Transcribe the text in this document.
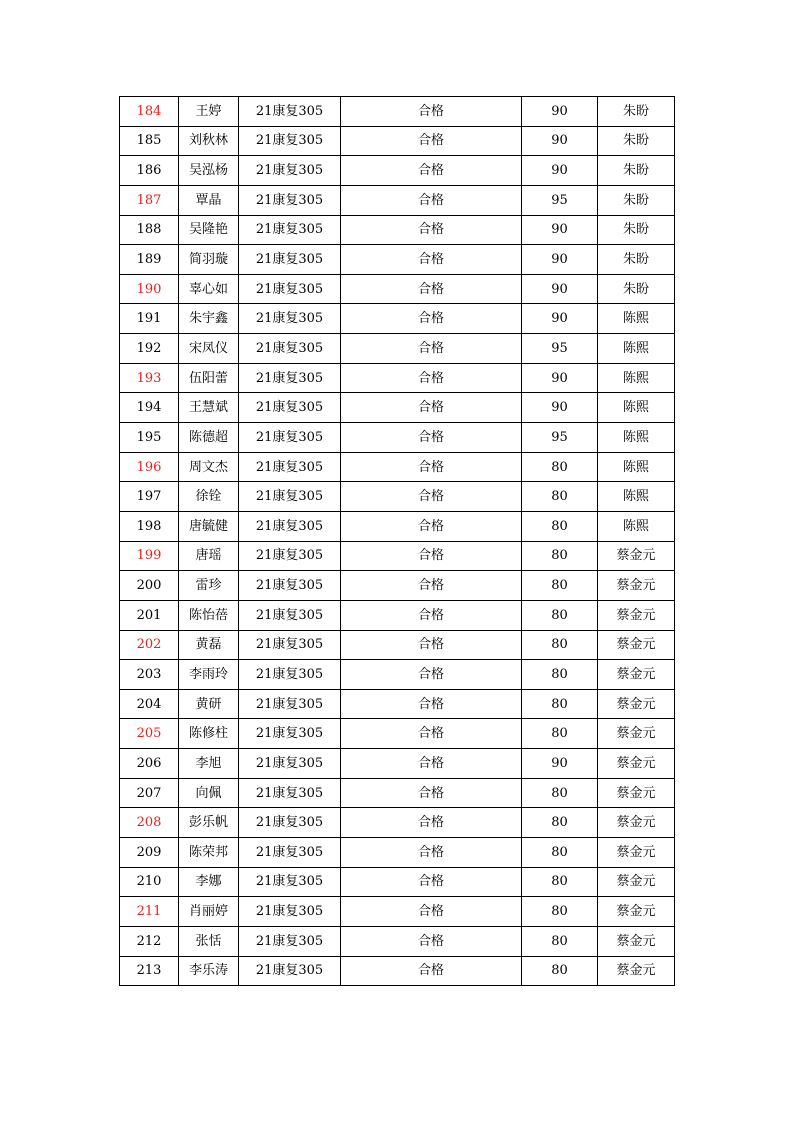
184	王婷	21康复305	合格	90	朱盼
185	刘秋林	21康复305	合格	90	朱盼
186	吴泓杨	21康复305	合格	90	朱盼
187	覃晶	21康复305	合格	95	朱盼
188	吴隆艳	21康复305	合格	90	朱盼
189	简羽璇	21康复305	合格	90	朱盼
190	辜心如	21康复305	合格	90	朱盼
191	朱宇鑫	21康复305	合格	90	陈熙
192	宋凤仪	21康复305	合格	95	陈熙
193	伍阳蕾	21康复305	合格	90	陈熙
194	王慧斌	21康复305	合格	90	陈熙
195	陈德超	21康复305	合格	95	陈熙
196	周文杰	21康复305	合格	80	陈熙
197	徐铨	21康复305	合格	80	陈熙
198	唐毓健	21康复305	合格	80	陈熙
199	唐瑶	21康复305	合格	80	蔡金元
200	雷珍	21康复305	合格	80	蔡金元
201	陈怡蓓	21康复305	合格	80	蔡金元
202	黄磊	21康复305	合格	80	蔡金元
203	李雨玲	21康复305	合格	80	蔡金元
204	黄研	21康复305	合格	80	蔡金元
205	陈修柱	21康复305	合格	80	蔡金元
206	李旭	21康复305	合格	90	蔡金元
207	向佩	21康复305	合格	80	蔡金元
208	彭乐帆	21康复305	合格	80	蔡金元
209	陈荣邦	21康复305	合格	80	蔡金元
210	李娜	21康复305	合格	80	蔡金元
211	肖丽婷	21康复305	合格	80	蔡金元
212	张恬	21康复305	合格	80	蔡金元
213	李乐涛	21康复305	合格	80	蔡金元
